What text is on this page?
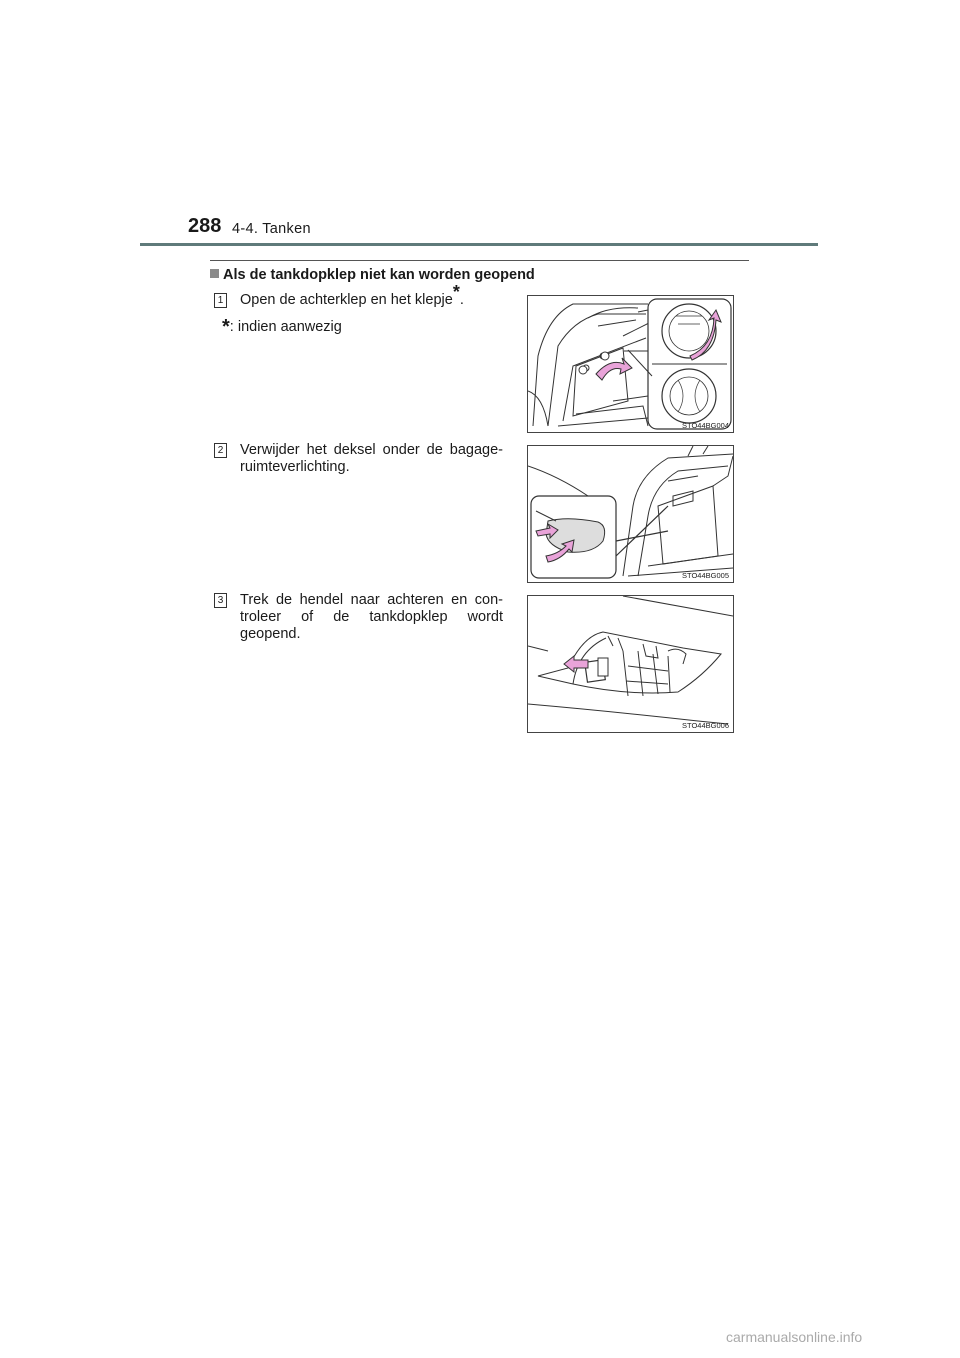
288 4-4. Tanken
Als de tankdopklep niet kan worden geopend
1 Open de achterklep en het klepje*.
*: indien aanwezig
STO44BG004
2 Verwijder het deksel onder de bagage-ruimteverlichting.
STO44BG005
3 Trek de hendel naar achteren en con-troleer of de tankdopklep wordt geopend.
STO44BG006
carmanualsonline.info
